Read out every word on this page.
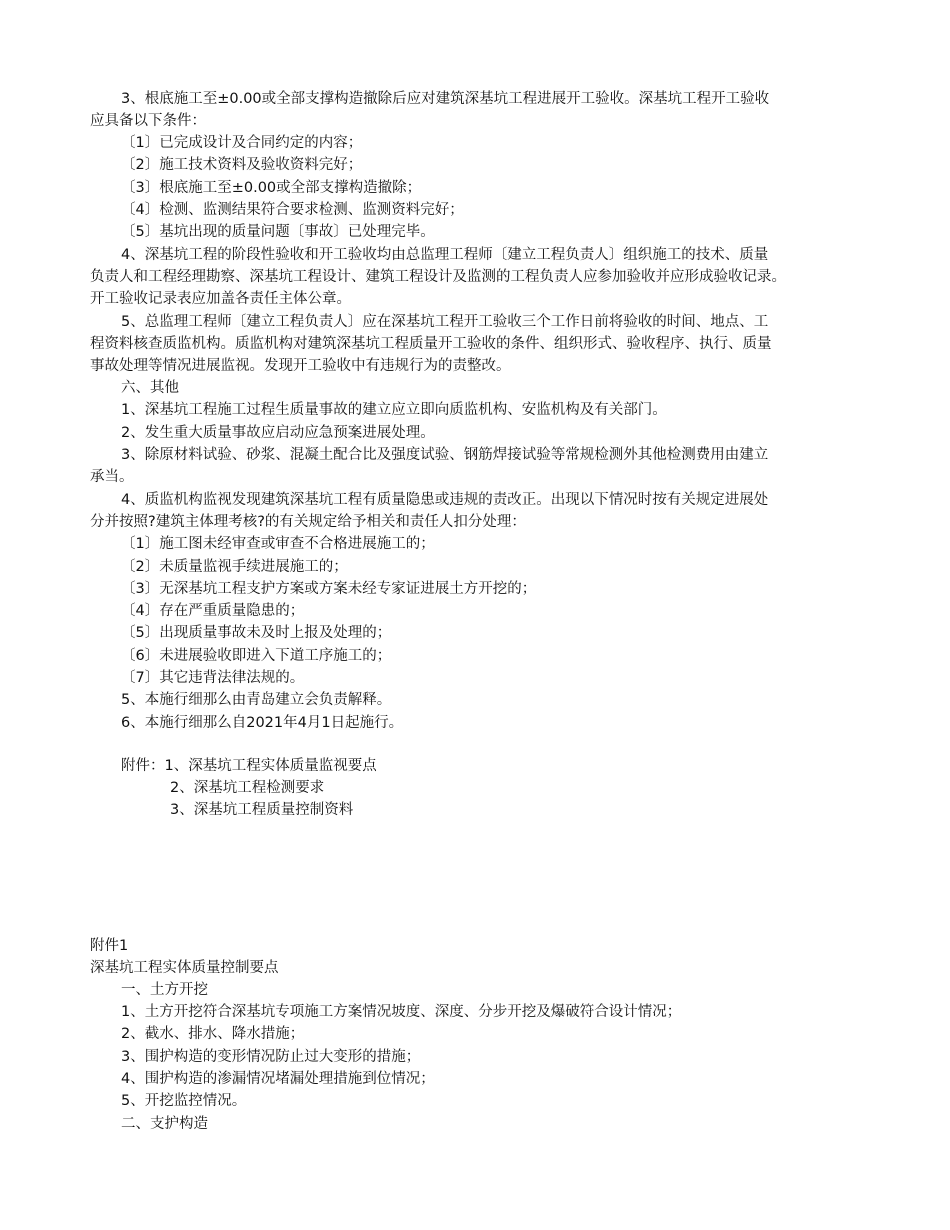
3、根底施工至±0.00或全部支撑构造撤除后应对建筑深基坑工程进展开工验收。深基坑工程开工验收
应具备以下条件：
〔1〕已完成设计及合同约定的内容；
〔2〕施工技术资料及验收资料完好；
〔3〕根底施工至±0.00或全部支撑构造撤除；
〔4〕检测、监测结果符合要求检测、监测资料完好；
〔5〕基坑出现的质量问题〔事故〕已处理完毕。
4、深基坑工程的阶段性验收和开工验收均由总监理工程师〔建立工程负责人〕组织施工的技术、质量
负责人和工程经理勘察、深基坑工程设计、建筑工程设计及监测的工程负责人应参加验收并应形成验收记录。
开工验收记录表应加盖各责任主体公章。
5、总监理工程师〔建立工程负责人〕应在深基坑工程开工验收三个工作日前将验收的时间、地点、工
程资料核查质监机构。质监机构对建筑深基坑工程质量开工验收的条件、组织形式、验收程序、执行、质量
事故处理等情况进展监视。发现开工验收中有违规行为的责整改。
六、其他
1、深基坑工程施工过程生质量事故的建立应立即向质监机构、安监机构及有关部门。
2、发生重大质量事故应启动应急预案进展处理。
3、除原材料试验、砂浆、混凝土配合比及强度试验、钢筋焊接试验等常规检测外其他检测费用由建立
承当。
4、质监机构监视发现建筑深基坑工程有质量隐患或违规的责改正。出现以下情况时按有关规定进展处
分并按照?建筑主体理考核?的有关规定给予相关和责任人扣分处理：
〔1〕施工图未经审查或审查不合格进展施工的；
〔2〕未质量监视手续进展施工的；
〔3〕无深基坑工程支护方案或方案未经专家证进展土方开挖的；
〔4〕存在严重质量隐患的；
〔5〕出现质量事故未及时上报及处理的；
〔6〕未进展验收即进入下道工序施工的；
〔7〕其它违背法律法规的。
5、本施行细那么由青岛建立会负责解释。
6、本施行细那么自2021年4月1日起施行。
附件：1、深基坑工程实体质量监视要点
2、深基坑工程检测要求
3、深基坑工程质量控制资料
附件1
深基坑工程实体质量控制要点
一、土方开挖
1、土方开挖符合深基坑专项施工方案情况坡度、深度、分步开挖及爆破符合设计情况；
2、截水、排水、降水措施；
3、围护构造的变形情况防止过大变形的措施；
4、围护构造的渗漏情况堵漏处理措施到位情况；
5、开挖监控情况。
二、支护构造
